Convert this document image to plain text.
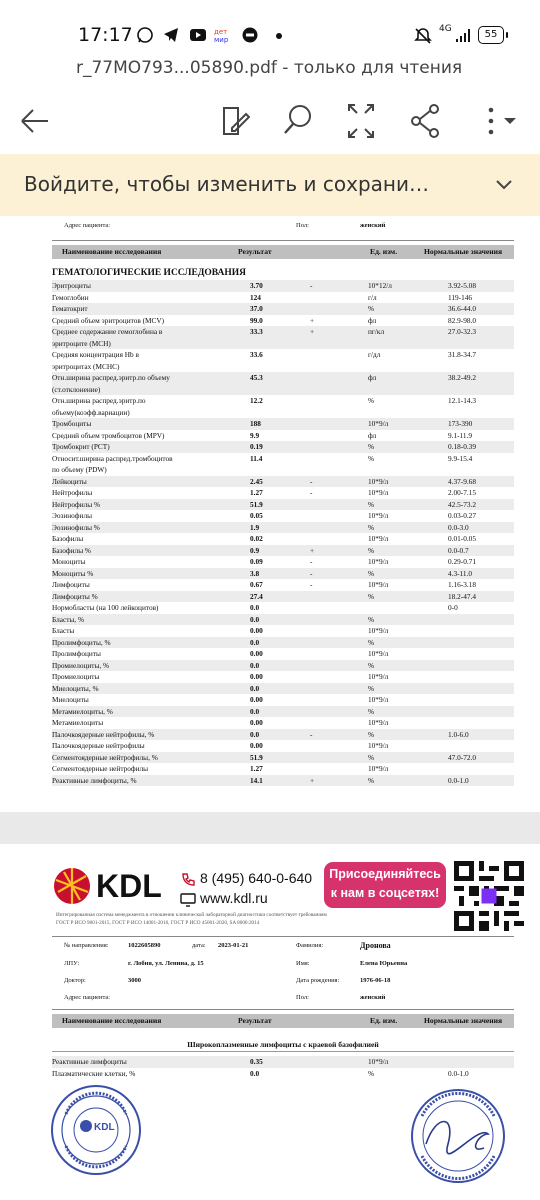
17:17	дет
мир
4G	55
r_77MO793...05890.pdf - только для чтения
Войдите, чтобы изменить и сохрани…
Адрес пациента:	Пол:	женский
Наименование исследования	Результат	Ед. изм.	Нормальные значения
ГЕМАТОЛОГИЧЕСКИЕ ИССЛЕДОВАНИЯ
Эритроциты	3.70	-	10*12/л	3.92-5.08
Гемоглобин	124	г/л	119-146
Гематокрит	37.0	%	36.6-44.0
Средний объем эритроцитов (MCV)	99.0	+	фл	82.9-98.0
Среднее содержание гемоглобина в	33.3	+	пг/кл	27.0-32.3
эритроците (MCH)
Средняя концентрация Hb в	33.6	г/дл	31.8-34.7
эритроцитах (MCHC)
Отн.ширина распред.эритр.по объему	45.3	фл	38.2-49.2
(ст.отклонение)
Отн.ширина распред.эритр.по	12.2	%	12.1-14.3
объему(коэфф.вариации)
Тромбоциты	188	10*9/л	173-390
Средний объем тромбоцитов (MPV)	9.9	фл	9.1-11.9
Тромбокрит (PCT)	0.19	%	0.18-0.39
Относит.ширина распред.тромбоцитов	11.4	%	9.9-15.4
по объему (PDW)
Лейкоциты	2.45	-	10*9/л	4.37-9.68
Нейтрофилы	1.27	-	10*9/л	2.00-7.15
Нейтрофилы %	51.9	%	42.5-73.2
Эозинофилы	0.05	10*9/л	0.03-0.27
Эозинофилы %	1.9	%	0.0-3.0
Базофилы	0.02	10*9/л	0.01-0.05
Базофилы %	0.9	+	%	0.0-0.7
Моноциты	0.09	-	10*9/л	0.29-0.71
Моноциты %	3.8	-	%	4.3-11.0
Лимфоциты	0.67	-	10*9/л	1.16-3.18
Лимфоциты %	27.4	%	18.2-47.4
Нормобласты (на 100 лейкоцитов)	0.0	0-0
Бласты, %	0.0	%
Бласты	0.00	10*9/л
Пролимфоциты, %	0.0	%
Пролимфоциты	0.00	10*9/л
Промиелоциты, %	0.0	%
Промиелоциты	0.00	10*9/л
Миелоциты, %	0.0	%
Миелоциты	0.00	10*9/л
Метамиелоциты, %	0.0	%
Метамиелоциты	0.00	10*9/л
Палочкоядерные нейтрофилы, %	0.0	-	%	1.0-6.0
Палочкоядерные нейтрофилы	0.00	10*9/л
Сегментоядерные нейтрофилы, %	51.9	%	47.0-72.0
Сегментоядерные нейтрофилы	1.27	10*9/л
Реактивные лимфоциты, %	14.1	+	%	0.0-1.0
KDL	8 (495) 640-0-640
www.kdl.ru
Присоединяйтесь
к нам в соцсетях!
Интегрированная система менеджмента в отношении клинической лабораторной диагностики соответствует требованиям
ГОСТ Р ИСО 9001-2015, ГОСТ Р ИСО 14001-2016, ГОСТ Р ИСО 45001-2020, SA 8000:2014
№ направления:	1022605890	дата: 2023-01-21	Фамилия:	Дронова
ЛПУ:	г. Лобня, ул. Ленина, д. 15	Имя:	Елена Юрьевна
Доктор:	3000	Дата рождения:	1976-06-18
Адрес пациента:	Пол:	женский
Наименование исследования	Результат	Ед. изм.	Нормальные значения
Широкоплазменные лимфоциты с краевой базофилией
Реактивные лимфоциты	0.35	10*9/л
Плазматические клетки, %	0.0	%	0.0-1.0
KDL
